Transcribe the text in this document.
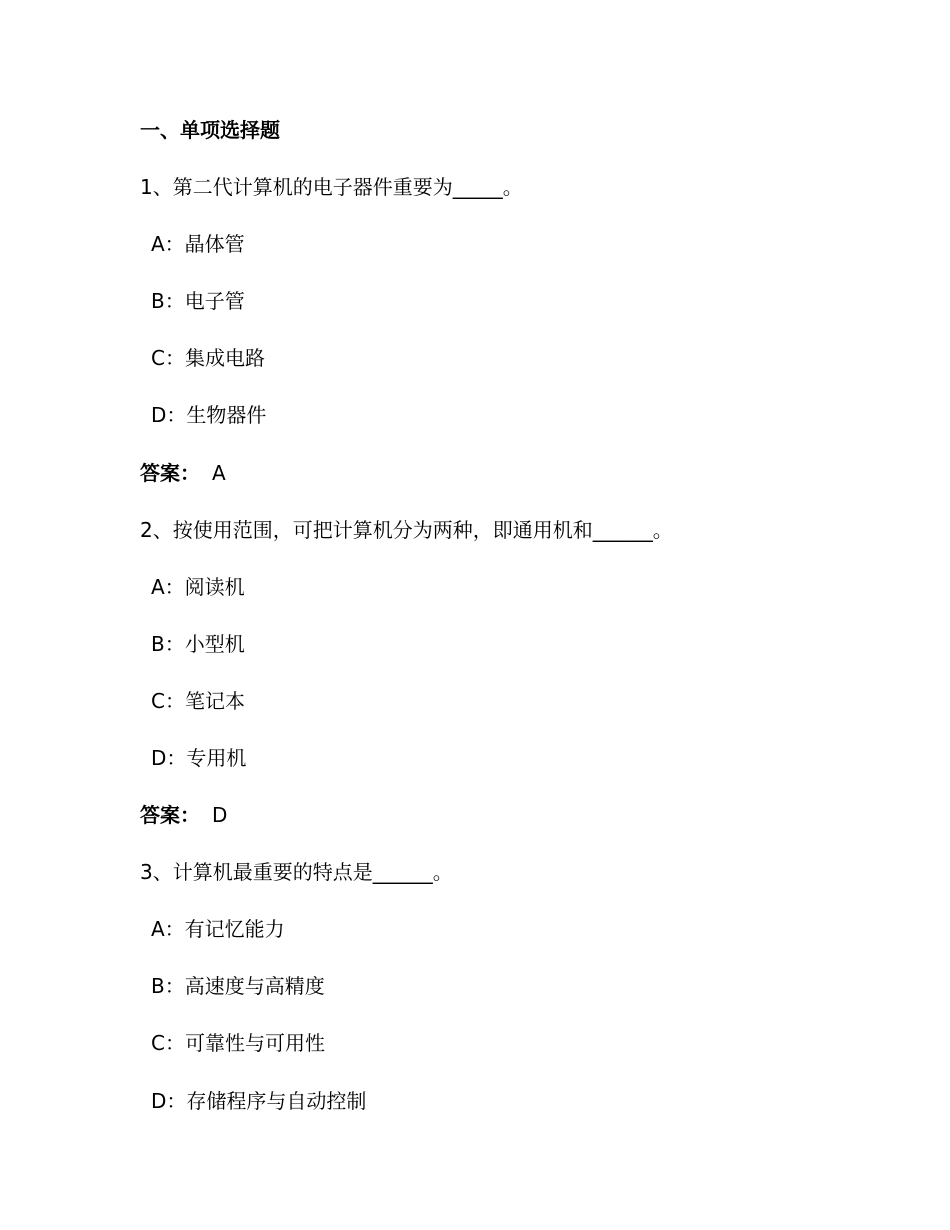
一、单项选择题
1、第二代计算机的电子器件重要为_____。
A：晶体管
B：电子管
C：集成电路
D：生物器件
答案： A
2、按使用范围，可把计算机分为两种，即通用机和______。
A：阅读机
B：小型机
C：笔记本
D：专用机
答案： D
3、计算机最重要的特点是______。
A：有记忆能力
B：高速度与高精度
C：可靠性与可用性
D：存储程序与自动控制
